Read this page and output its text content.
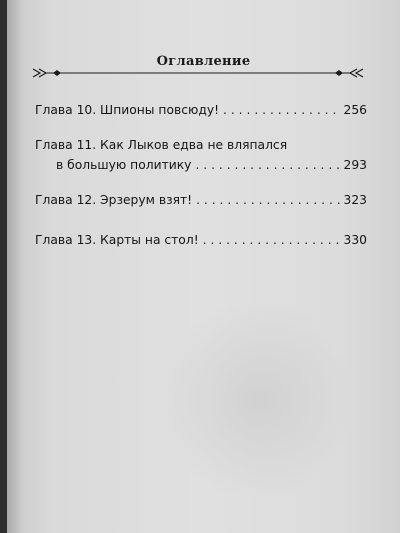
Оглавление
Глава 10. Шпионы повсюду! . . .	256
Глава 11. Как Лыков едва не вляпался
в большую политику . . .	293
Глава 12. Эрзерум взят! . . .	323
Глава 13. Карты на стол! . . .	330
